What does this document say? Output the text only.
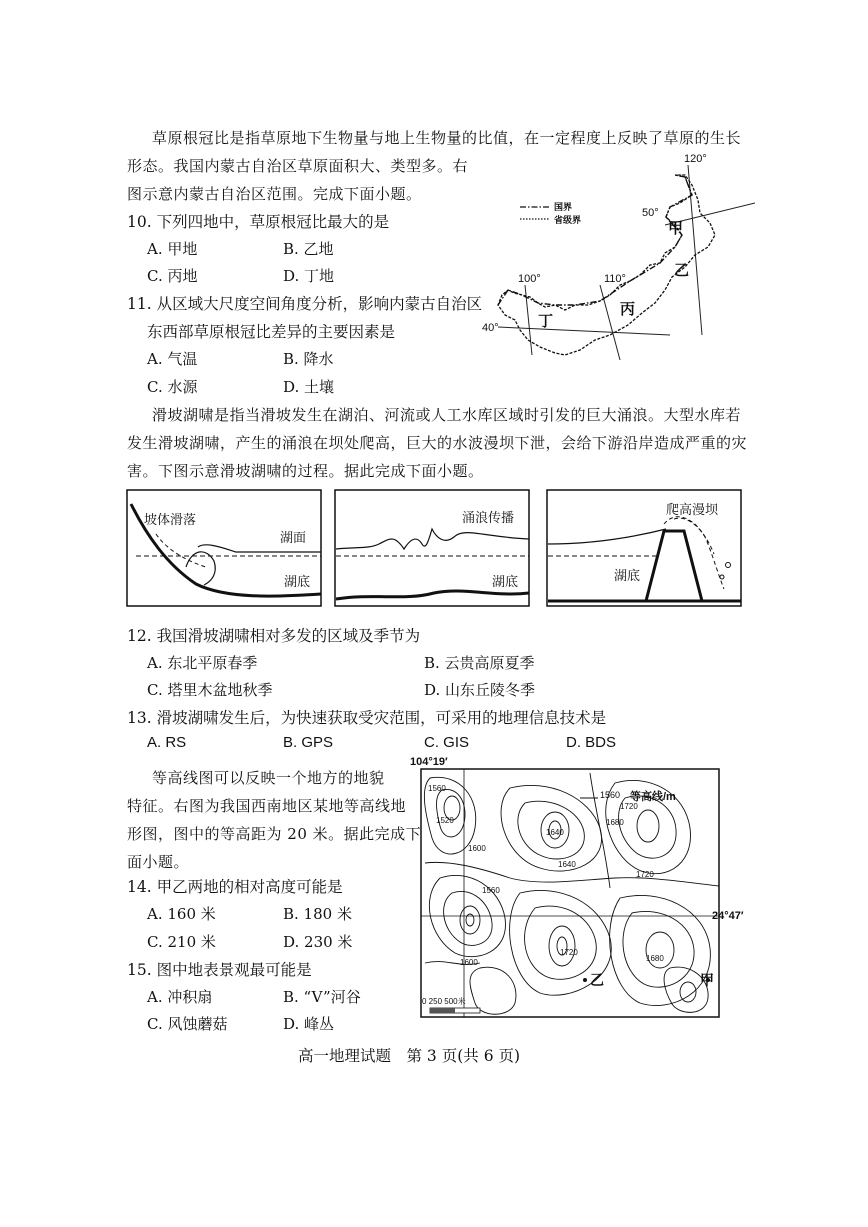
草原根冠比是指草原地下生物量与地上生物量的比值，在一定程度上反映了草原的生长
形态。我国内蒙古自治区草原面积大、类型多。右
图示意内蒙古自治区范围。完成下面小题。
10. 下列四地中，草原根冠比最大的是
A. 甲地	B. 乙地
C. 丙地	D. 丁地
11. 从区域大尺度空间角度分析，影响内蒙古自治区
东西部草原根冠比差异的主要因素是
A. 气温	B. 降水
C. 水源	D. 土壤
120°
50°
100°	110°
40°
国界
省级界	甲
乙
丙
丁
滑坡湖啸是指当滑坡发生在湖泊、河流或人工水库区域时引发的巨大涌浪。大型水库若
发生滑坡湖啸，产生的涌浪在坝处爬高，巨大的水波漫坝下泄，会给下游沿岸造成严重的灾
害。下图示意滑坡湖啸的过程。据此完成下面小题。
坡体滑落
湖面
湖底
涌浪传播
湖底
爬高漫坝
湖底
12. 我国滑坡湖啸相对多发的区域及季节为
A. 东北平原春季	B. 云贵高原夏季
C. 塔里木盆地秋季	D. 山东丘陵冬季
13. 滑坡湖啸发生后，为快速获取受灾范围，可采用的地理信息技术是
A. RS	B. GPS	C. GIS	D. BDS
等高线图可以反映一个地方的地貌
特征。右图为我国西南地区某地等高线地
形图，图中的等高距为 20 米。据此完成下
面小题。
14. 甲乙两地的相对高度可能是
A. 160 米	B. 180 米
C. 210 米	D. 230 米
15. 图中地表景观最可能是
A. 冲积扇	B. “V”河谷
C. 风蚀蘑菇	D. 峰丛
104°19′
24°47′
1560 等高线/m
甲
乙
0 250 500米
1560
1520
1640
1680
1720
1600
1640
1560
1720
1680
1600
1720
高一地理试题　第 3 页(共 6 页)
